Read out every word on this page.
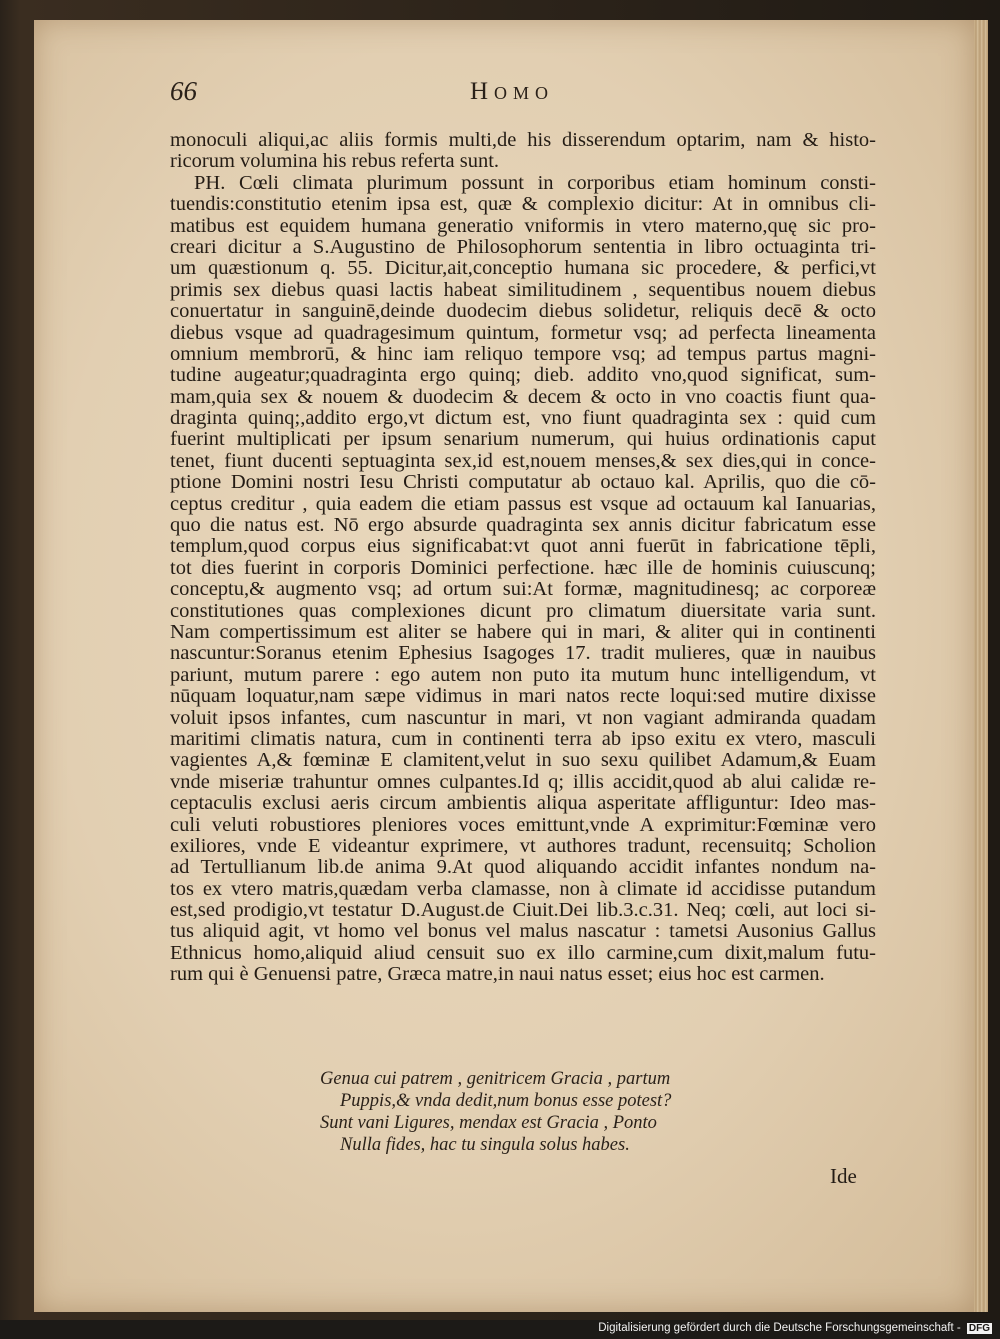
66	Homo
monoculi aliqui,ac aliis formis multi,de his disserendum optarim, nam & histo-
ricorum volumina his rebus referta sunt.
PH. Cœli climata plurimum possunt in corporibus etiam hominum consti-
tuendis:constitutio etenim ipsa est, quæ & complexio dicitur: At in omnibus cli-
matibus est equidem humana generatio vniformis in vtero materno,quę sic pro-
creari dicitur a S.Augustino de Philosophorum sententia in libro octuaginta tri-
um quæstionum q. 55. Dicitur,ait,conceptio humana sic procedere, & perfici,vt
primis sex diebus quasi lactis habeat similitudinem , sequentibus nouem diebus
conuertatur in sanguinē,deinde duodecim diebus solidetur, reliquis decē & octo
diebus vsque ad quadragesimum quintum, formetur vsq; ad perfecta lineamenta
omnium membrorū, & hinc iam reliquo tempore vsq; ad tempus partus magni-
tudine augeatur;quadraginta ergo quinq; dieb. addito vno,quod significat, sum-
mam,quia sex & nouem & duodecim & decem & octo in vno coactis fiunt qua-
draginta quinq;,addito ergo,vt dictum est, vno fiunt quadraginta sex : quid cum
fuerint multiplicati per ipsum senarium numerum, qui huius ordinationis caput
tenet, fiunt ducenti septuaginta sex,id est,nouem menses,& sex dies,qui in conce-
ptione Domini nostri Iesu Christi computatur ab octauo kal. Aprilis, quo die cō-
ceptus creditur , quia eadem die etiam passus est vsque ad octauum kal Ianuarias,
quo die natus est. Nō ergo absurde quadraginta sex annis dicitur fabricatum esse
templum,quod corpus eius significabat:vt quot anni fuerūt in fabricatione tēpli,
tot dies fuerint in corporis Dominici perfectione. hæc ille de hominis cuiuscunq;
conceptu,& augmento vsq; ad ortum sui:At formæ, magnitudinesq; ac corporeæ
constitutiones quas complexiones dicunt pro climatum diuersitate varia sunt.
Nam compertissimum est aliter se habere qui in mari, & aliter qui in continenti
nascuntur:Soranus etenim Ephesius Isagoges 17. tradit mulieres, quæ in nauibus
pariunt, mutum parere : ego autem non puto ita mutum hunc intelligendum, vt
nūquam loquatur,nam sæpe vidimus in mari natos recte loqui:sed mutire dixisse
voluit ipsos infantes, cum nascuntur in mari, vt non vagiant admiranda quadam
maritimi climatis natura, cum in continenti terra ab ipso exitu ex vtero, masculi
vagientes A,& fœminæ E clamitent,velut in suo sexu quilibet Adamum,& Euam
vnde miseriæ trahuntur omnes culpantes.Id q; illis accidit,quod ab alui calidæ re-
ceptaculis exclusi aeris circum ambientis aliqua asperitate affliguntur: Ideo mas-
culi veluti robustiores pleniores voces emittunt,vnde A exprimitur:Fœminæ vero
exiliores, vnde E videantur exprimere, vt authores tradunt, recensuitq; Scholion
ad Tertullianum lib.de anima 9.At quod aliquando accidit infantes nondum na-
tos ex vtero matris,quædam verba clamasse, non à climate id accidisse putandum
est,sed prodigio,vt testatur D.August.de Ciuit.Dei lib.3.c.31. Neq; cœli, aut loci si-
tus aliquid agit, vt homo vel bonus vel malus nascatur : tametsi Ausonius Gallus
Ethnicus homo,aliquid aliud censuit suo ex illo carmine,cum dixit,malum futu-
rum qui è Genuensi patre, Græca matre,in naui natus esset; eius hoc est carmen.
Genua cui patrem , genitricem Gracia , partum
Puppis,& vnda dedit,num bonus esse potest?
Sunt vani Ligures, mendax est Gracia , Ponto
Nulla fides, hac tu singula solus habes.
Ide
Digitalisierung gefördert durch die Deutsche Forschungsgemeinschaft - DFG
